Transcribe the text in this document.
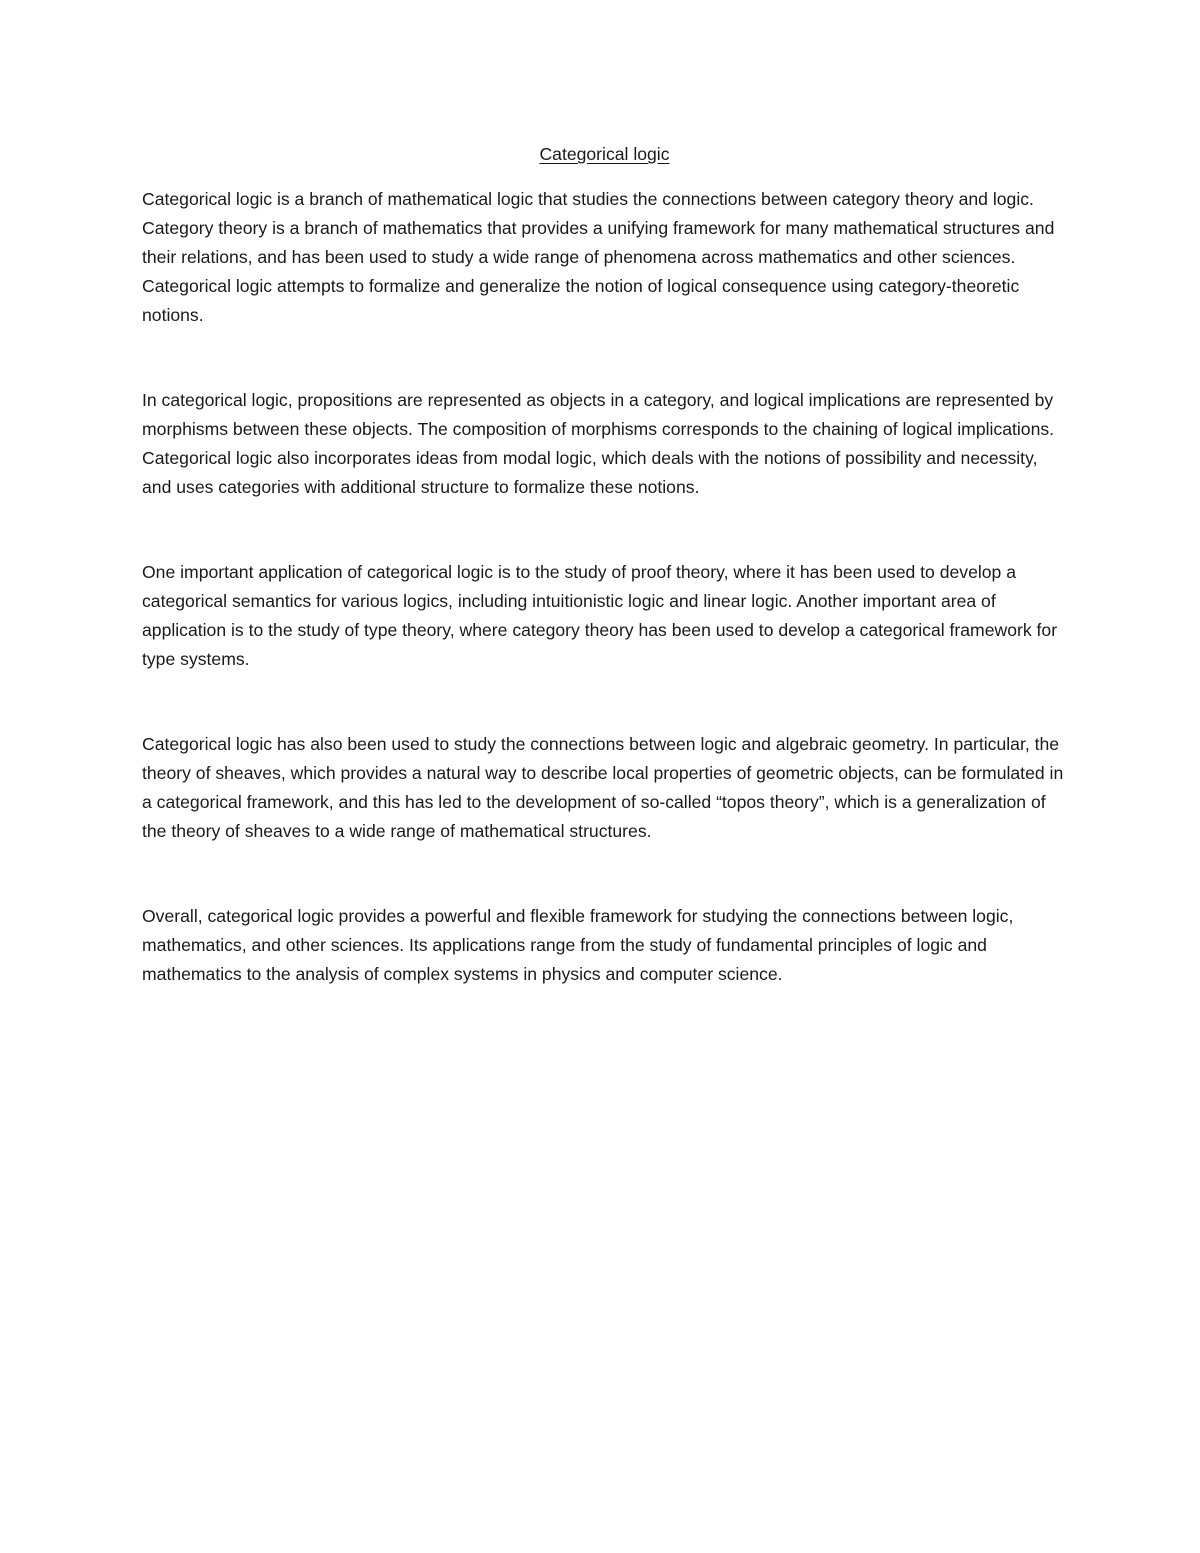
Categorical logic

Categorical logic is a branch of mathematical logic that studies the connections between category theory and logic. Category theory is a branch of mathematics that provides a unifying framework for many mathematical structures and their relations, and has been used to study a wide range of phenomena across mathematics and other sciences. Categorical logic attempts to formalize and generalize the notion of logical consequence using category-theoretic notions.

In categorical logic, propositions are represented as objects in a category, and logical implications are represented by morphisms between these objects. The composition of morphisms corresponds to the chaining of logical implications. Categorical logic also incorporates ideas from modal logic, which deals with the notions of possibility and necessity, and uses categories with additional structure to formalize these notions.

One important application of categorical logic is to the study of proof theory, where it has been used to develop a categorical semantics for various logics, including intuitionistic logic and linear logic. Another important area of application is to the study of type theory, where category theory has been used to develop a categorical framework for type systems.

Categorical logic has also been used to study the connections between logic and algebraic geometry. In particular, the theory of sheaves, which provides a natural way to describe local properties of geometric objects, can be formulated in a categorical framework, and this has led to the development of so-called “topos theory”, which is a generalization of the theory of sheaves to a wide range of mathematical structures.

Overall, categorical logic provides a powerful and flexible framework for studying the connections between logic, mathematics, and other sciences. Its applications range from the study of fundamental principles of logic and mathematics to the analysis of complex systems in physics and computer science.
